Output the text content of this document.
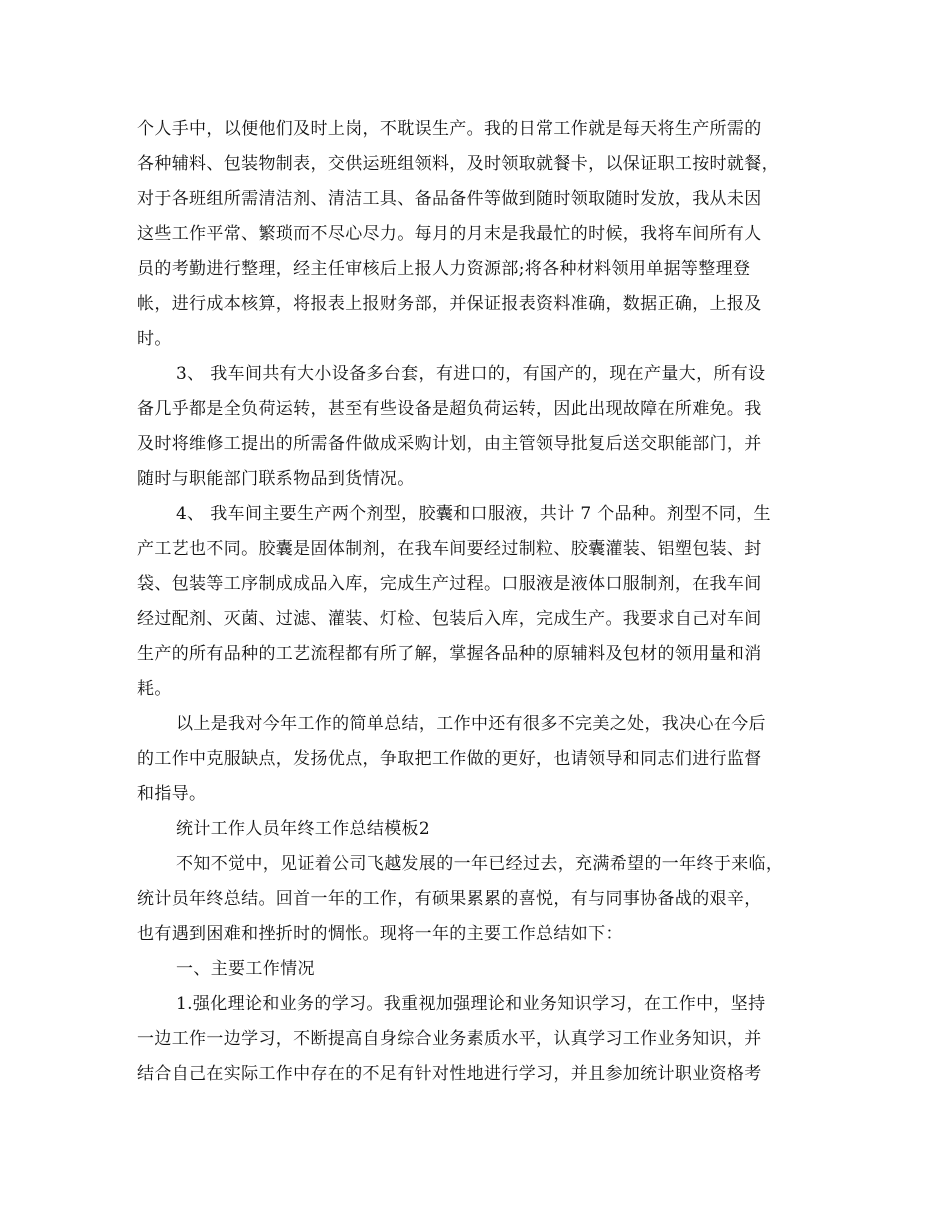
个人手中，以便他们及时上岗，不耽误生产。我的日常工作就是每天将生产所需的
各种辅料、包装物制表，交供运班组领料，及时领取就餐卡，以保证职工按时就餐，
对于各班组所需清洁剂、清洁工具、备品备件等做到随时领取随时发放，我从未因
这些工作平常、繁琐而不尽心尽力。每月的月末是我最忙的时候，我将车间所有人
员的考勤进行整理，经主任审核后上报人力资源部;将各种材料领用单据等整理登
帐，进行成本核算，将报表上报财务部，并保证报表资料准确，数据正确，上报及
时。
3、 我车间共有大小设备多台套，有进口的，有国产的，现在产量大，所有设
备几乎都是全负荷运转，甚至有些设备是超负荷运转，因此出现故障在所难免。我
及时将维修工提出的所需备件做成采购计划，由主管领导批复后送交职能部门，并
随时与职能部门联系物品到货情况。
4、 我车间主要生产两个剂型，胶囊和口服液，共计 7 个品种。剂型不同，生
产工艺也不同。胶囊是固体制剂，在我车间要经过制粒、胶囊灌装、铝塑包装、封
袋、包装等工序制成成品入库，完成生产过程。口服液是液体口服制剂，在我车间
经过配剂、灭菌、过滤、灌装、灯检、包装后入库，完成生产。我要求自己对车间
生产的所有品种的工艺流程都有所了解，掌握各品种的原辅料及包材的领用量和消
耗。
以上是我对今年工作的简单总结，工作中还有很多不完美之处，我决心在今后
的工作中克服缺点，发扬优点，争取把工作做的更好，也请领导和同志们进行监督
和指导。
统计工作人员年终工作总结模板2
不知不觉中，见证着公司飞越发展的一年已经过去，充满希望的一年终于来临，
统计员年终总结。回首一年的工作，有硕果累累的喜悦，有与同事协备战的艰辛，
也有遇到困难和挫折时的惆怅。现将一年的主要工作总结如下：
一、主要工作情况
1.强化理论和业务的学习。我重视加强理论和业务知识学习，在工作中，坚持
一边工作一边学习，不断提高自身综合业务素质水平，认真学习工作业务知识，并
结合自己在实际工作中存在的不足有针对性地进行学习，并且参加统计职业资格考
